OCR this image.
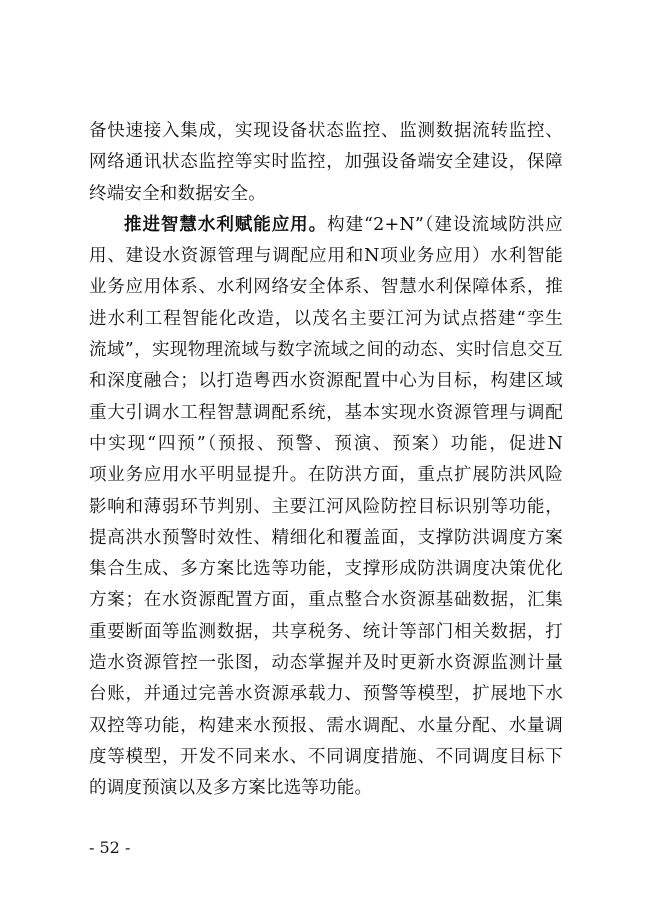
备快速接入集成，实现设备状态监控、监测数据流转监控、
网络通讯状态监控等实时监控，加强设备端安全建设，保障
终端安全和数据安全。
推进智慧水利赋能应用。构建“2+N”（建设流域防洪应
用、建设水资源管理与调配应用和N项业务应用）水利智能
业务应用体系、水利网络安全体系、智慧水利保障体系，推
进水利工程智能化改造，以茂名主要江河为试点搭建“孪生
流域”，实现物理流域与数字流域之间的动态、实时信息交互
和深度融合；以打造粤西水资源配置中心为目标，构建区域
重大引调水工程智慧调配系统，基本实现水资源管理与调配
中实现“四预”（预报、预警、预演、预案）功能，促进N
项业务应用水平明显提升。在防洪方面，重点扩展防洪风险
影响和薄弱环节判别、主要江河风险防控目标识别等功能，
提高洪水预警时效性、精细化和覆盖面，支撑防洪调度方案
集合生成、多方案比选等功能，支撑形成防洪调度决策优化
方案；在水资源配置方面，重点整合水资源基础数据，汇集
重要断面等监测数据，共享税务、统计等部门相关数据，打
造水资源管控一张图，动态掌握并及时更新水资源监测计量
台账，并通过完善水资源承载力、预警等模型，扩展地下水
双控等功能，构建来水预报、需水调配、水量分配、水量调
度等模型，开发不同来水、不同调度措施、不同调度目标下
的调度预演以及多方案比选等功能。
- 52 -
